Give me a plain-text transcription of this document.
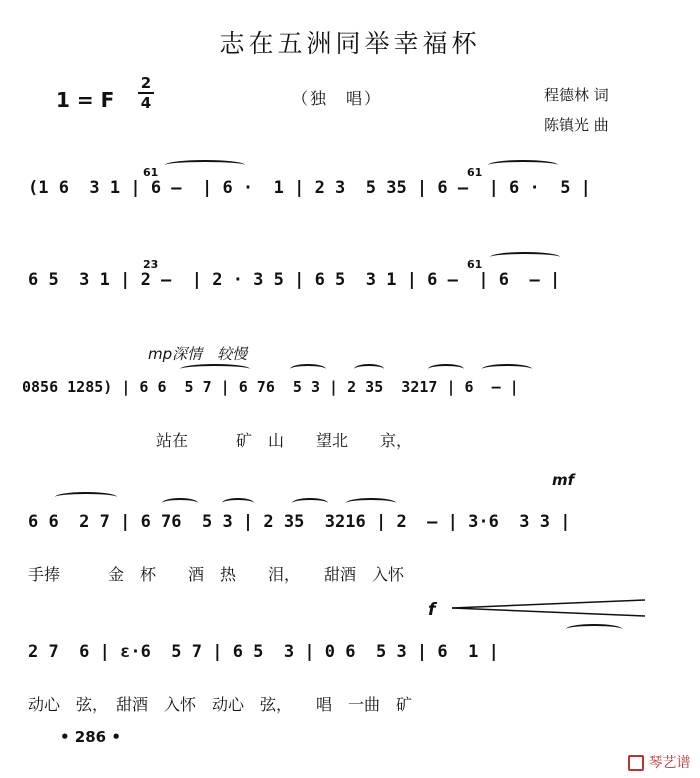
志在五洲同举幸福杯
1 = F
2
4	（独　唱）	程德林 词
陈镇光 曲
(1 6  3 1 | 6 —  | 6 ·  1 | 2 3  5 35 | 6 —  | 6 ·  5 |
61	61
6 5  3 1 | 2 —  | 2 · 3 5 | 6 5  3 1 | 6 —  | 6  — |
23	61
mp深情　较慢
0856 1285) | 6 6  5 7 | 6 76  5 3 | 2 35  3217 | 6  — |
站在　　　矿　山　　望北　　京，
mf
6 6  2 7 | 6 76  5 3 | 2 35  3216 | 2  — | 3·6  3 3 |
手捧　　　金　杯　　酒　热　　泪，　　甜酒　入怀
f
2 7  6 | ε·6  5 7 | 6 5  3 | 0 6  5 3 | 6  1 |
动心　弦，　甜酒　入怀　动心　弦，　　唱　一曲　矿
• 286 •
琴艺谱
